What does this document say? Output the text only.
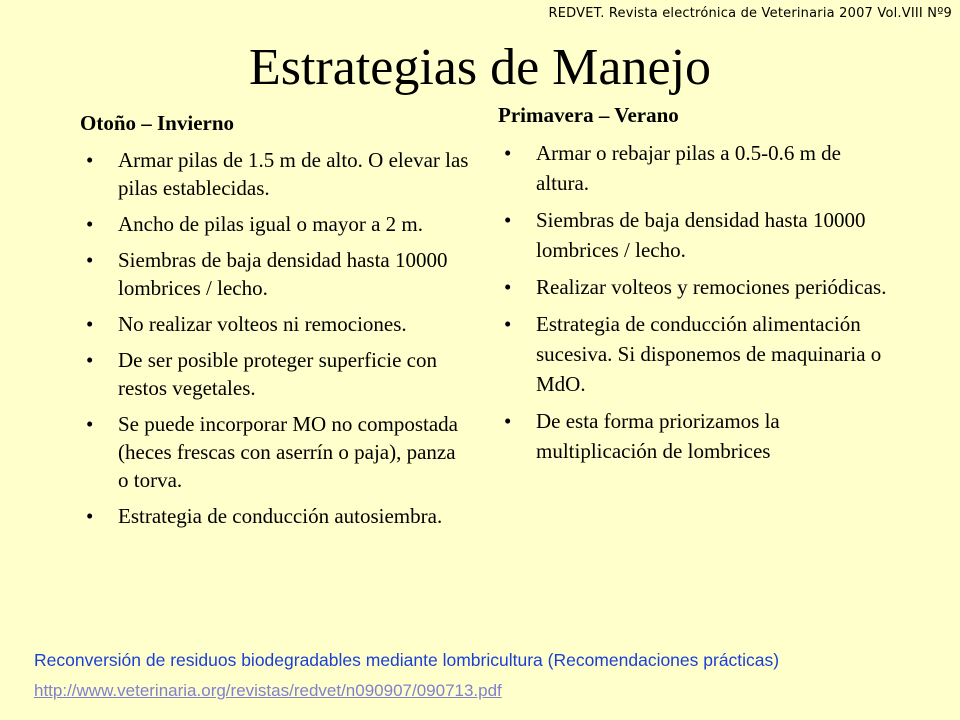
REDVET. Revista electrónica de Veterinaria 2007 Vol.VIII Nº9
Estrategias de Manejo
Otoño – Invierno
• Armar pilas de 1.5 m de alto. O elevar las pilas establecidas.
• Ancho de pilas igual o mayor a 2 m.
• Siembras de baja densidad hasta 10000 lombrices / lecho.
• No realizar volteos ni remociones.
• De ser posible proteger superficie con restos vegetales.
• Se puede incorporar MO no compostada (heces frescas con aserrín o paja), panza o torva.
• Estrategia de conducción autosiembra.
Primavera – Verano
• Armar o rebajar pilas a 0.5-0.6 m de altura.
• Siembras de baja densidad hasta 10000 lombrices / lecho.
• Realizar volteos y remociones periódicas.
• Estrategia de conducción alimentación sucesiva. Si disponemos de maquinaria o MdO.
• De esta forma priorizamos la multiplicación de lombrices
Reconversión de residuos biodegradables mediante lombricultura (Recomendaciones prácticas)
http://www.veterinaria.org/revistas/redvet/n090907/090713.pdf
